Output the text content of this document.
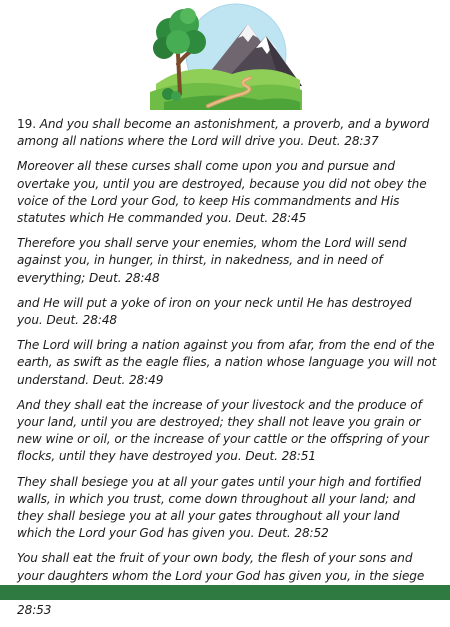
19. And you shall become an astonishment, a proverb, and a byword among all nations where the Lord will drive you. Deut. 28:37

Moreover all these curses shall come upon you and pursue and overtake you, until you are destroyed, because you did not obey the voice of the Lord your God, to keep His commandments and His statutes which He commanded you. Deut. 28:45

Therefore you shall serve your enemies, whom the Lord will send against you, in hunger, in thirst, in nakedness, and in need of everything; Deut. 28:48

and He will put a yoke of iron on your neck until He has destroyed you. Deut. 28:48

The Lord will bring a nation against you from afar, from the end of the earth, as swift as the eagle flies, a nation whose language you will not understand. Deut. 28:49

And they shall eat the increase of your livestock and the produce of your land, until you are destroyed; they shall not leave you grain or new wine or oil, or the increase of your cattle or the offspring of your flocks, until they have destroyed you. Deut. 28:51

They shall besiege you at all your gates until your high and fortified walls, in which you trust, come down throughout all your land; and they shall besiege you at all your gates throughout all your land which the Lord your God has given you. Deut. 28:52

You shall eat the fruit of your own body, the flesh of your sons and your daughters whom the Lord your God has given you, in the siege 28:53
